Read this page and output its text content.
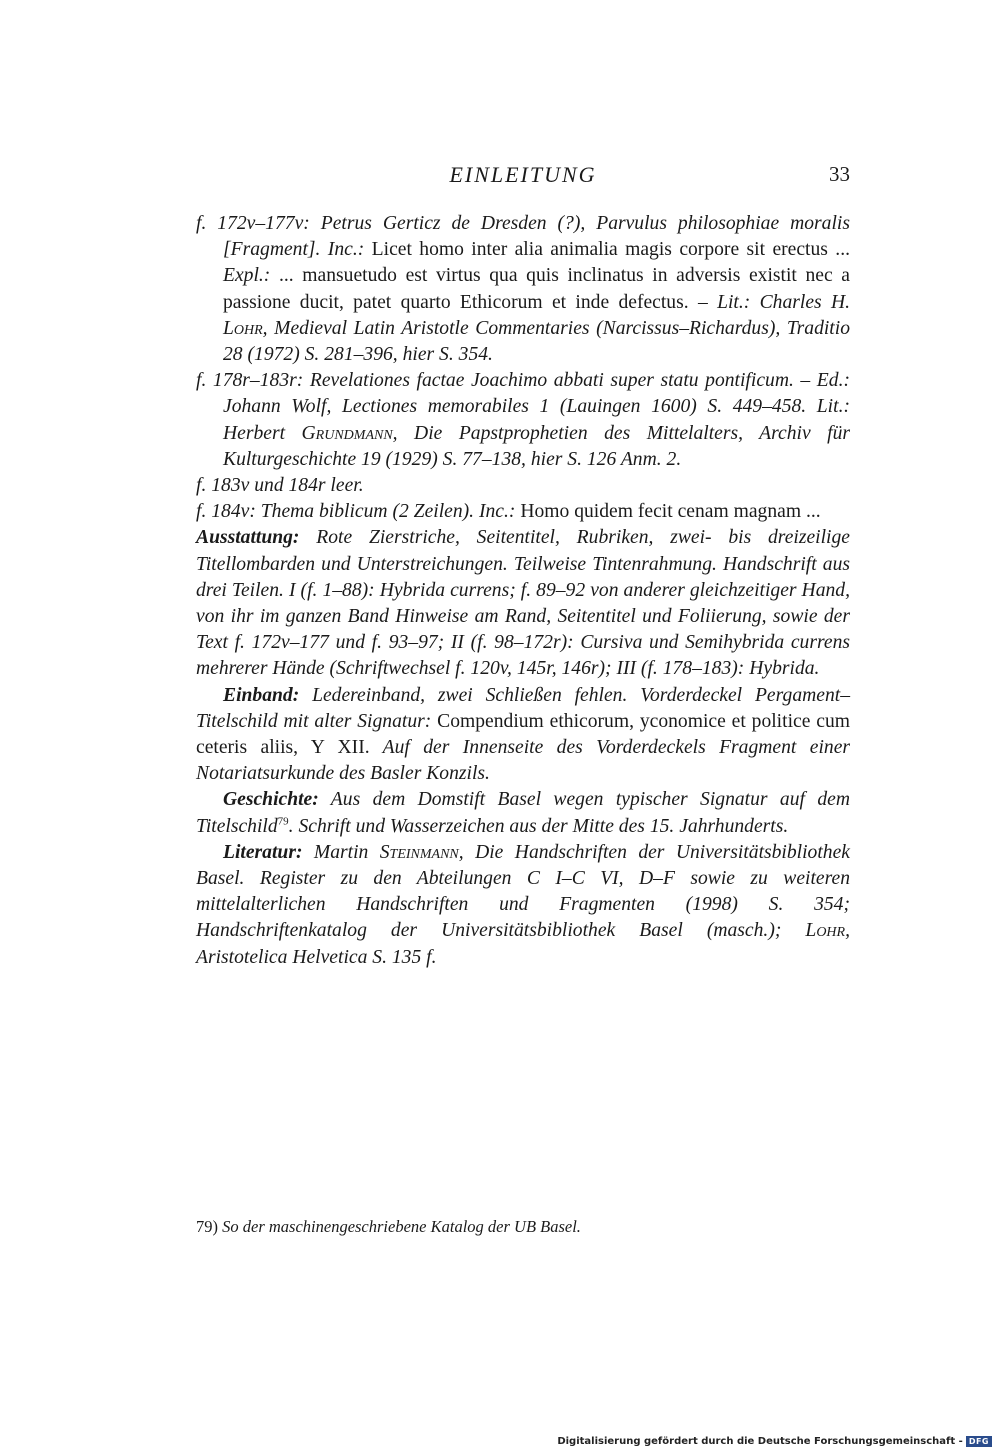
EINLEITUNG	33

f. 172v–177v: Petrus Gerticz de Dresden (?), Parvulus philosophiae moralis [Fragment]. Inc.: Licet homo inter alia animalia magis corpore sit erectus ... Expl.: ... mansuetudo est virtus qua quis inclinatus in adversis existit nec a passione ducit, patet quarto Ethicorum et inde defectus. – Lit.: Charles H. Lohr, Medieval Latin Aristotle Commentaries (Narcissus–Richardus), Traditio 28 (1972) S. 281–396, hier S. 354.

f. 178r–183r: Revelationes factae Joachimo abbati super statu pontificum. – Ed.: Johann Wolf, Lectiones memorabiles 1 (Lauingen 1600) S. 449–458. Lit.: Herbert Grundmann, Die Papstprophetien des Mittelalters, Archiv für Kulturgeschichte 19 (1929) S. 77–138, hier S. 126 Anm. 2.

f. 183v und 184r leer.

f. 184v: Thema biblicum (2 Zeilen). Inc.: Homo quidem fecit cenam magnam ...

Ausstattung: Rote Zierstriche, Seitentitel, Rubriken, zwei- bis dreizeilige Titellombarden und Unterstreichungen. Teilweise Tintenrahmung. Handschrift aus drei Teilen. I (f. 1–88): Hybrida currens; f. 89–92 von anderer gleichzeitiger Hand, von ihr im ganzen Band Hinweise am Rand, Seitentitel und Foliierung, sowie der Text f. 172v–177 und f. 93–97; II (f. 98–172r): Cursiva und Semihybrida currens mehrerer Hände (Schriftwechsel f. 120v, 145r, 146r); III (f. 178–183): Hybrida.

Einband: Ledereinband, zwei Schließen fehlen. Vorderdeckel Pergament–Titelschild mit alter Signatur: Compendium ethicorum, yconomice et politice cum ceteris aliis, Y XII. Auf der Innenseite des Vorderdeckels Fragment einer Notariatsurkunde des Basler Konzils.

Geschichte: Aus dem Domstift Basel wegen typischer Signatur auf dem Titelschild$^{79}$. Schrift und Wasserzeichen aus der Mitte des 15. Jahrhunderts.

Literatur: Martin Steinmann, Die Handschriften der Universitätsbibliothek Basel. Register zu den Abteilungen C I–C VI, D–F sowie zu weiteren mittelalterlichen Handschriften und Fragmenten (1998) S. 354; Handschriftenkatalog der Universitätsbibliothek Basel (masch.); Lohr, Aristotelica Helvetica S. 135 f.

79) So der maschinengeschriebene Katalog der UB Basel.
Digitalisierung gefördert durch die Deutsche Forschungsgemeinschaft - DFG
